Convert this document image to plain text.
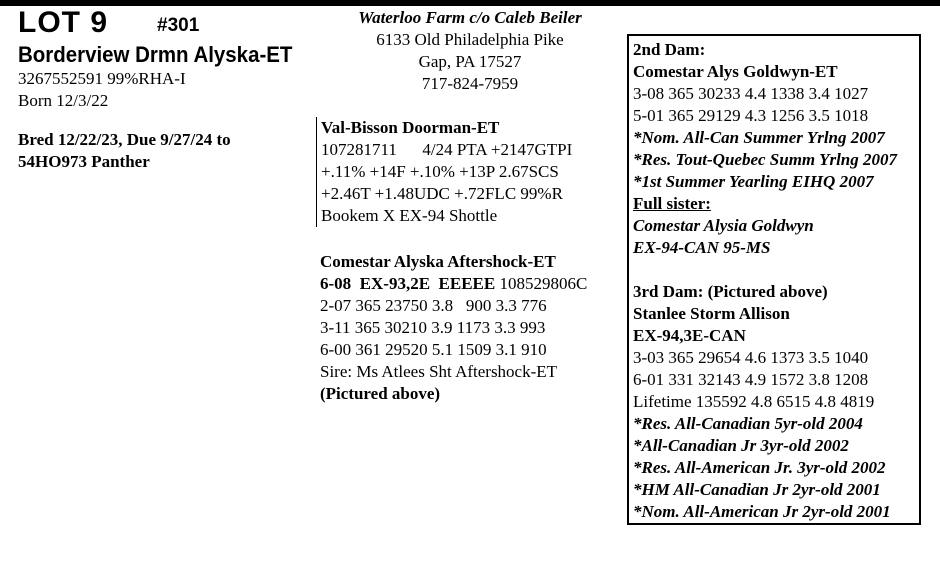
LOT 9	#301
Borderview Drmn Alyska-ET
3267552591 99%RHA-I
Born 12/3/22
Bred 12/22/23, Due 9/27/24 to
54HO973 Panther
Waterloo Farm c/o Caleb Beiler
6133 Old Philadelphia Pike
Gap, PA 17527
717-824-7959
Val-Bisson Doorman-ET
107281711      4/24 PTA +2147GTPI
+.11% +14F +.10% +13P 2.67SCS
+2.46T +1.48UDC +.72FLC 99%R
Bookem X EX-94 Shottle
Comestar Alyska Aftershock-ET
6-08  EX-93,2E  EEEEE 108529806C
2-07 365 23750 3.8   900 3.3 776
3-11 365 30210 3.9 1173 3.3 993
6-00 361 29520 5.1 1509 3.1 910
Sire: Ms Atlees Sht Aftershock-ET
(Pictured above)
2nd Dam:
Comestar Alys Goldwyn-ET
3-08 365 30233 4.4 1338 3.4 1027
5-01 365 29129 4.3 1256 3.5 1018
*Nom. All-Can Summer Yrlng 2007
*Res. Tout-Quebec Summ Yrlng 2007
*1st Summer Yearling EIHQ 2007
Full sister:
Comestar Alysia Goldwyn
EX-94-CAN 95-MS
3rd Dam: (Pictured above)
Stanlee Storm Allison
EX-94,3E-CAN
3-03 365 29654 4.6 1373 3.5 1040
6-01 331 32143 4.9 1572 3.8 1208
Lifetime 135592 4.8 6515 4.8 4819
*Res. All-Canadian 5yr-old 2004
*All-Canadian Jr 3yr-old 2002
*Res. All-American Jr. 3yr-old 2002
*HM All-Canadian Jr 2yr-old 2001
*Nom. All-American Jr 2yr-old 2001
